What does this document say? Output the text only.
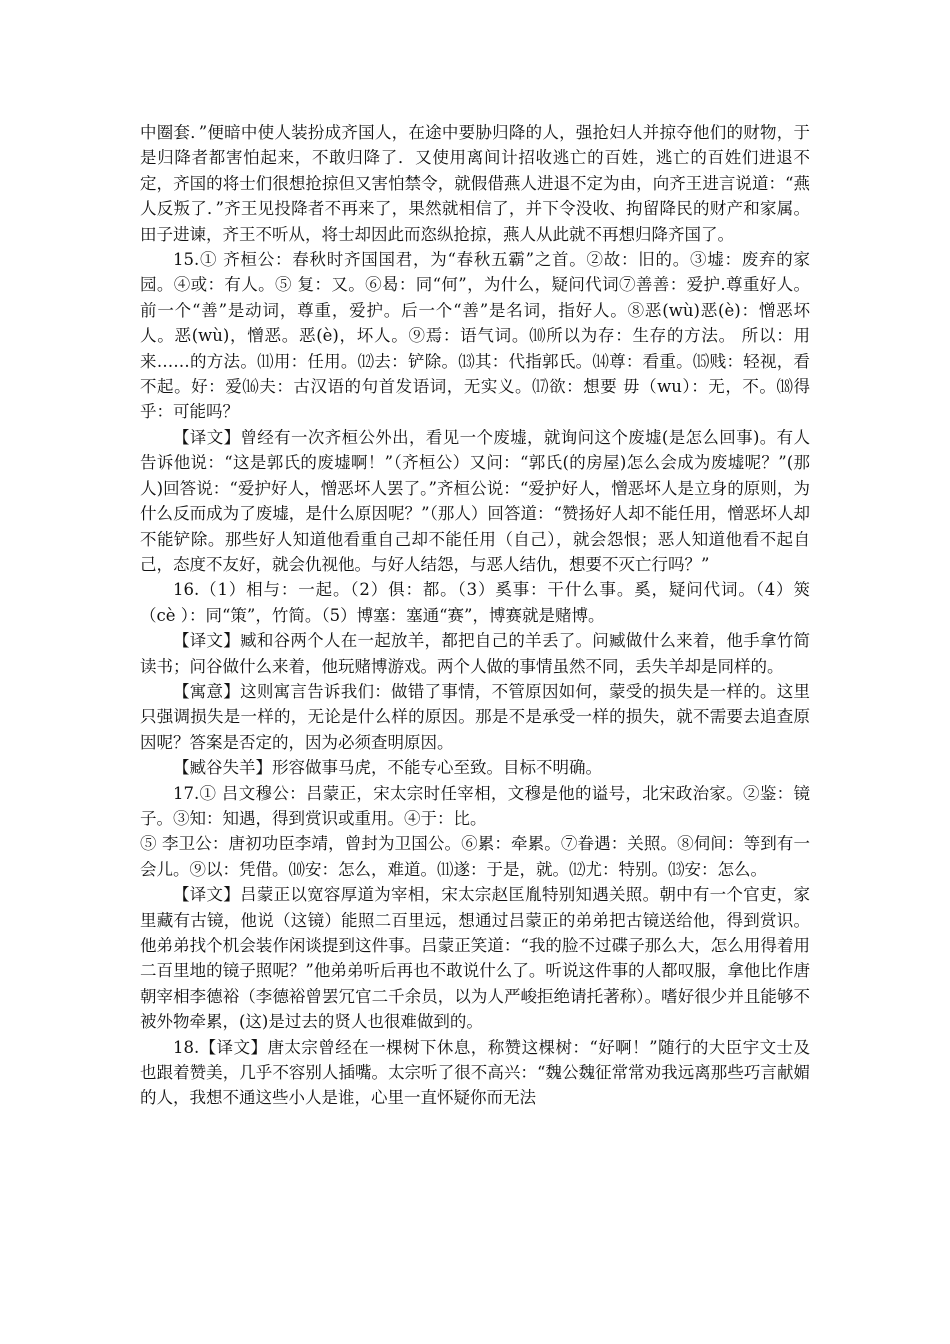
中圈套．”便暗中使人装扮成齐国人，在途中要胁归降的人，强抢妇人并掠夺他们的财物，于是归降者都害怕起来，不敢归降了．又使用离间计招收逃亡的百姓，逃亡的百姓们进退不定，齐国的将士们很想抢掠但又害怕禁令，就假借燕人进退不定为由，向齐王进言说道：“燕人反叛了．”齐王见投降者不再来了，果然就相信了，并下令没收、拘留降民的财产和家属。田子进谏，齐王不听从，将士却因此而恣纵抢掠，燕人从此就不再想归降齐国了。

15.① 齐桓公：春秋时齐国国君，为“春秋五霸”之首。②故：旧的。③墟：废弃的家园。④或：有人。⑤ 复：又。⑥曷：同“何”，为什么，疑问代词⑦善善：爱护.尊重好人。前一个“善”是动词，尊重，爱护。后一个“善”是名词，指好人。⑧恶(wù)恶(è)：憎恶坏人。恶(wù)，憎恶。恶(è)，坏人。⑨焉：语气词。⑽所以为存：生存的方法。 所以：用来……的方法。⑾用：任用。⑿去：铲除。⒀其：代指郭氏。⒁尊：看重。⒂贱：轻视，看不起。好：爱⒃夫：古汉语的句首发语词，无实义。⒄欲：想要 毋（wu）：无，不。⒅得乎：可能吗？

【译文】曾经有一次齐桓公外出，看见一个废墟，就询问这个废墟(是怎么回事)。有人告诉他说：“这是郭氏的废墟啊！”（齐桓公）又问：“郭氏(的房屋)怎么会成为废墟呢？”(那人)回答说：“爱护好人，憎恶坏人罢了。”齐桓公说：“爱护好人，憎恶坏人是立身的原则，为什么反而成为了废墟，是什么原因呢？”（那人）回答道：“赞扬好人却不能任用，憎恶坏人却不能铲除。那些好人知道他看重自己却不能任用（自己），就会怨恨；恶人知道他看不起自己，态度不友好，就会仇视他。与好人结怨，与恶人结仇，想要不灭亡行吗？”

16.（1）相与：一起。（2）俱：都。（3）奚事：干什么事。奚，疑问代词。（4）筴（cè ）：同“策”，竹简。（5）博塞：塞通“赛”，博赛就是赌博。

【译文】臧和谷两个人在一起放羊，都把自己的羊丢了。问臧做什么来着，他手拿竹简读书；问谷做什么来着，他玩赌博游戏。两个人做的事情虽然不同，丢失羊却是同样的。

【寓意】这则寓言告诉我们：做错了事情，不管原因如何，蒙受的损失是一样的。这里只强调损失是一样的，无论是什么样的原因。那是不是承受一样的损失，就不需要去追查原因呢？答案是否定的，因为必须查明原因。

【臧谷失羊】形容做事马虎，不能专心至致。目标不明确。

17.① 吕文穆公：吕蒙正，宋太宗时任宰相，文穆是他的谥号，北宋政治家。②鉴：镜子。③知：知遇，得到赏识或重用。④于：比。

⑤ 李卫公：唐初功臣李靖，曾封为卫国公。⑥累：牵累。⑦眷遇：关照。⑧伺间：等到有一会儿。⑨以：凭借。⑽安：怎么，难道。⑾遂：于是，就。⑿尤：特别。⒀安：怎么。

【译文】吕蒙正以宽容厚道为宰相，宋太宗赵匡胤特别知遇关照。朝中有一个官吏，家里藏有古镜，他说（这镜）能照二百里远，想通过吕蒙正的弟弟把古镜送给他，得到赏识。他弟弟找个机会装作闲谈提到这件事。吕蒙正笑道：“我的脸不过碟子那么大，怎么用得着用二百里地的镜子照呢？”他弟弟听后再也不敢说什么了。听说这件事的人都叹服，拿他比作唐朝宰相李德裕（李德裕曾罢冗官二千余员，以为人严峻拒绝请托著称）。嗜好很少并且能够不被外物牵累，(这)是过去的贤人也很难做到的。

18.【译文】唐太宗曾经在一棵树下休息，称赞这棵树：“好啊！”随行的大臣宇文士及也跟着赞美，几乎不容别人插嘴。太宗听了很不高兴：“魏公魏征常常劝我远离那些巧言献媚的人，我想不通这些小人是谁，心里一直怀疑你而无法
